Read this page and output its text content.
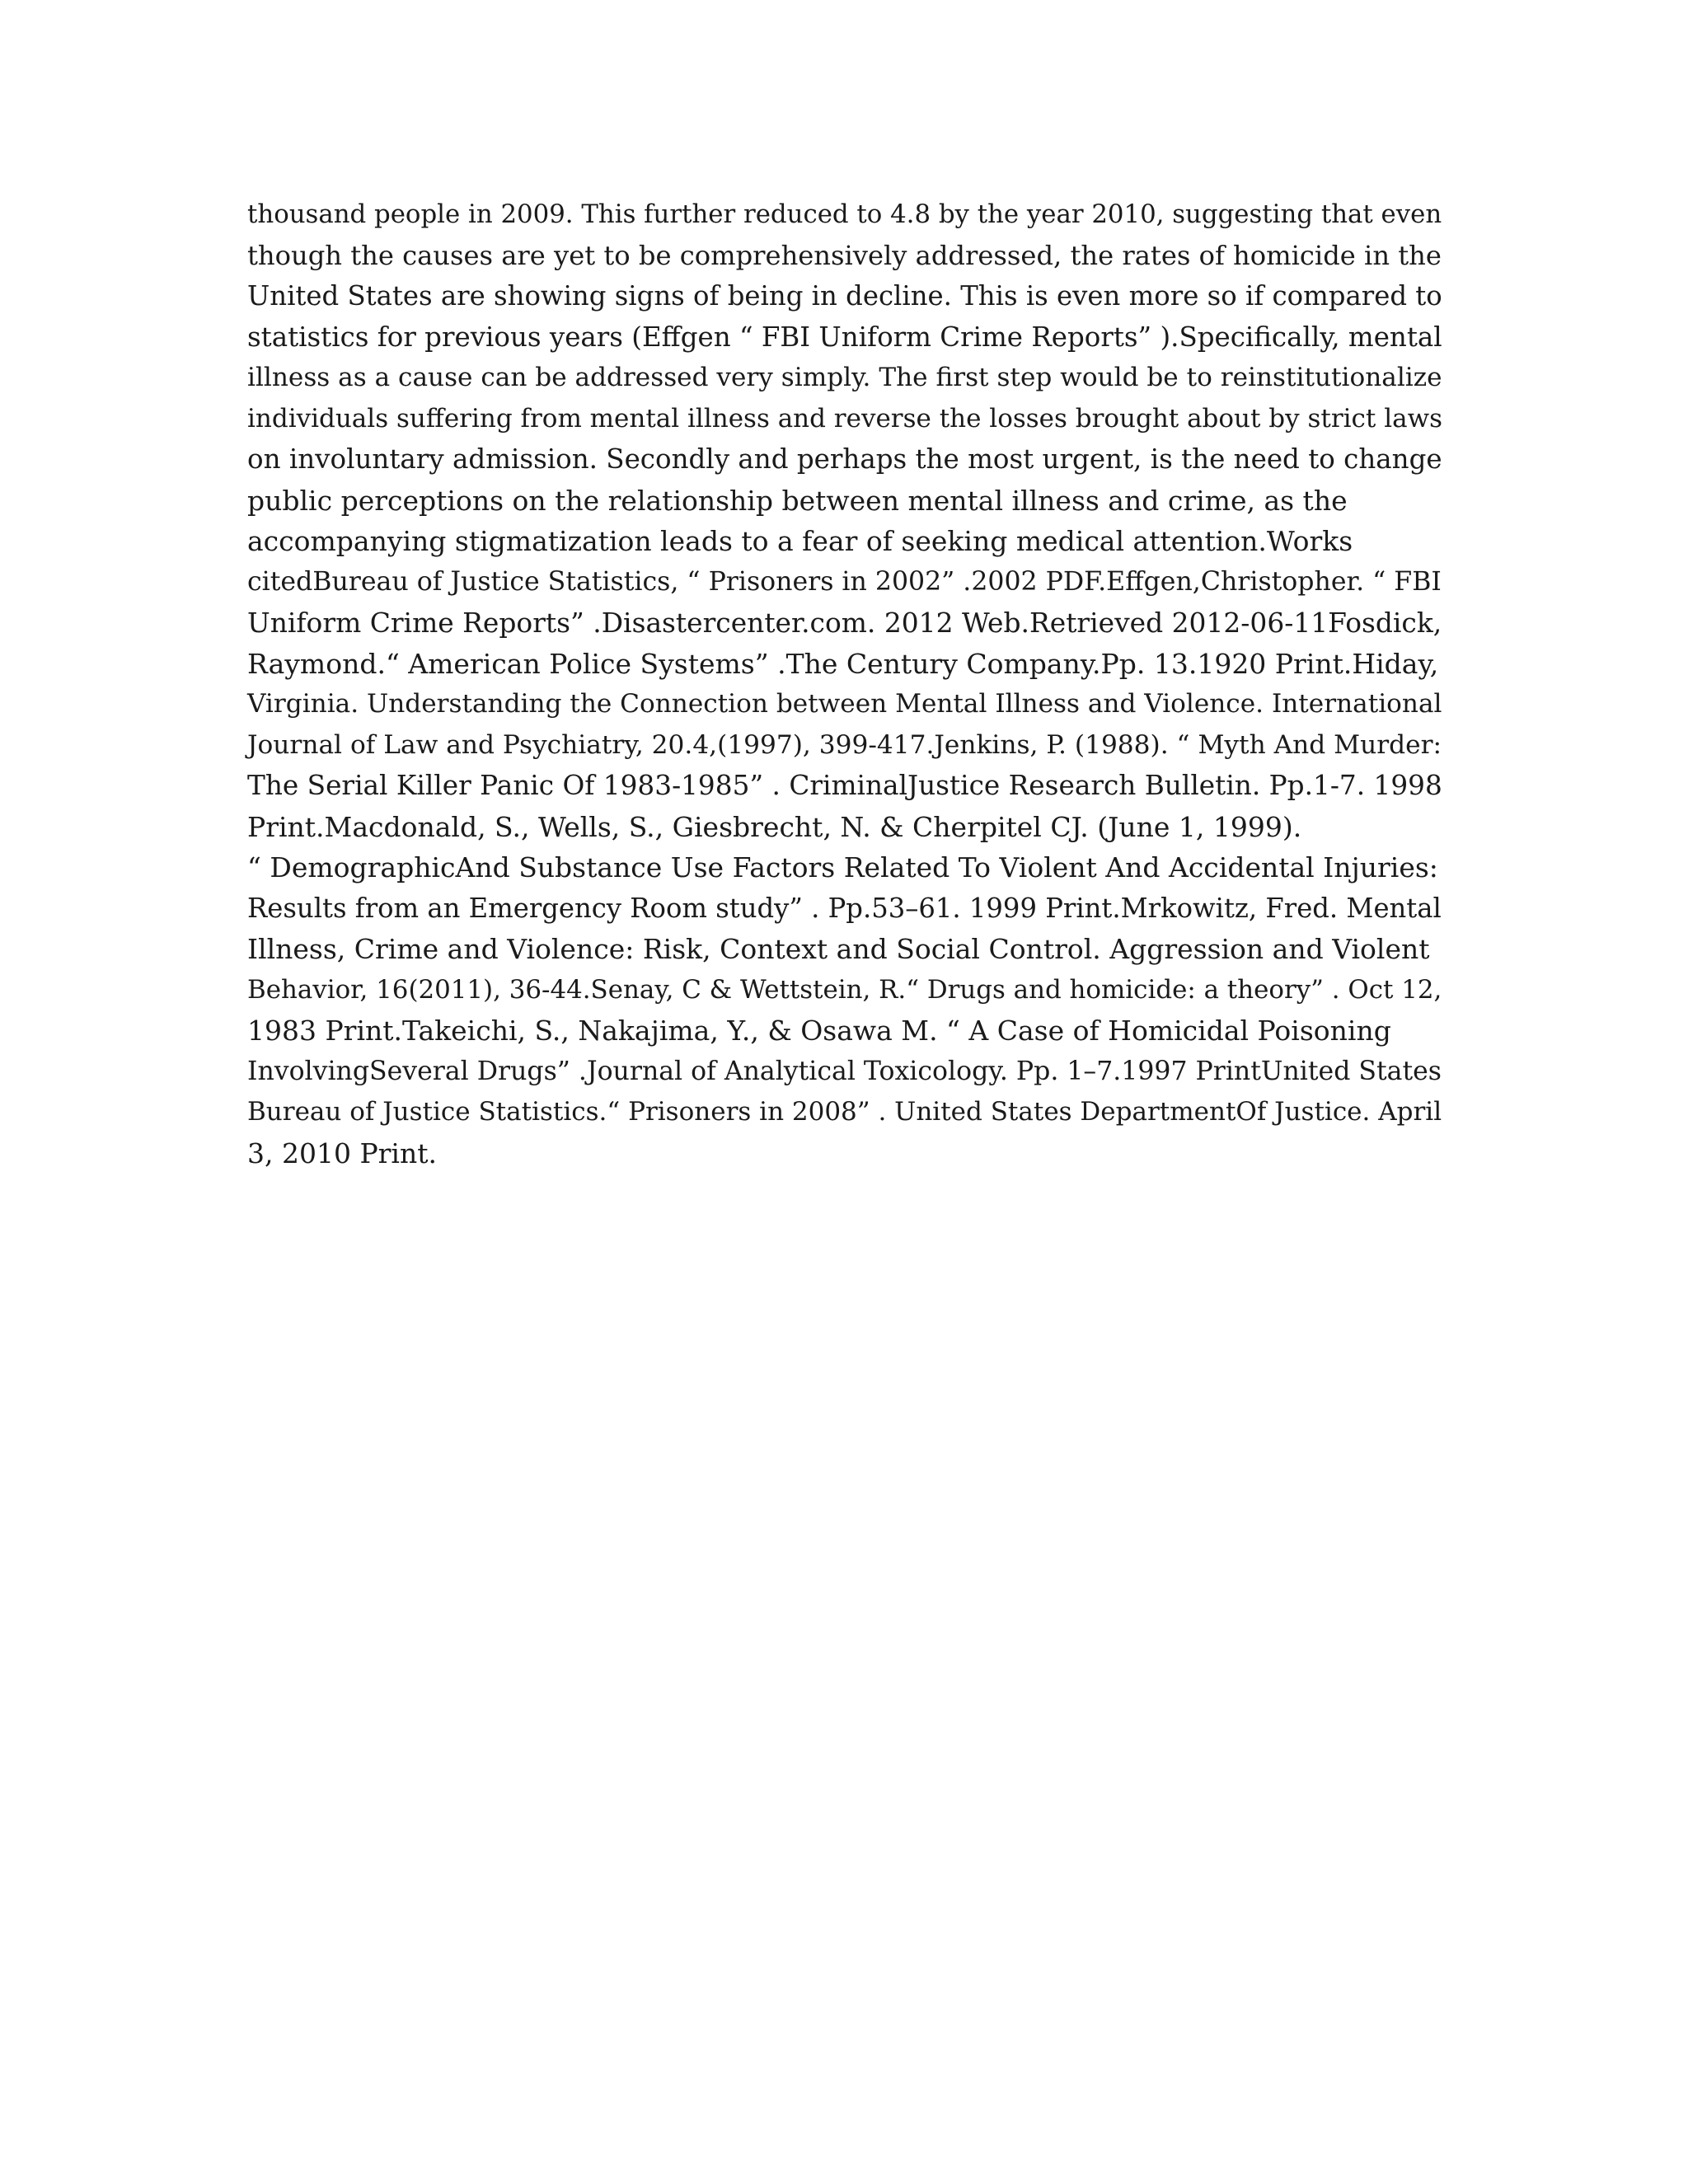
thousand people in 2009. This further reduced to 4.8 by the year 2010, suggesting that even
though the causes are yet to be comprehensively addressed, the rates of homicide in the
United States are showing signs of being in decline. This is even more so if compared to
statistics for previous years (Effgen “ FBI Uniform Crime Reports” ).Specifically, mental
illness as a cause can be addressed very simply. The first step would be to reinstitutionalize
individuals suffering from mental illness and reverse the losses brought about by strict laws
on involuntary admission. Secondly and perhaps the most urgent, is the need to change
public perceptions on the relationship between mental illness and crime, as the
accompanying stigmatization leads to a fear of seeking medical attention.Works
citedBureau of Justice Statistics, “ Prisoners in 2002” .2002 PDF.Effgen,Christopher. “ FBI
Uniform Crime Reports” .Disastercenter.com. 2012 Web.Retrieved 2012-06-11Fosdick,
Raymond.“ American Police Systems” .The Century Company.Pp. 13.1920 Print.Hiday,
Virginia. Understanding the Connection between Mental Illness and Violence. International
Journal of Law and Psychiatry, 20.4,(1997), 399-417.Jenkins, P. (1988). “ Myth And Murder:
The Serial Killer Panic Of 1983-1985” . CriminalJustice Research Bulletin. Pp.1-7. 1998
Print.Macdonald, S., Wells, S., Giesbrecht, N. & Cherpitel CJ. (June 1, 1999).
“ DemographicAnd Substance Use Factors Related To Violent And Accidental Injuries:
Results from an Emergency Room study” . Pp.53–61. 1999 Print.Mrkowitz, Fred. Mental
Illness, Crime and Violence: Risk, Context and Social Control. Aggression and Violent
Behavior, 16(2011), 36-44.Senay, C & Wettstein, R.“ Drugs and homicide: a theory” . Oct 12,
1983 Print.Takeichi, S., Nakajima, Y., & Osawa M. “ A Case of Homicidal Poisoning
InvolvingSeveral Drugs” .Journal of Analytical Toxicology. Pp. 1–7.1997 PrintUnited States
Bureau of Justice Statistics.“ Prisoners in 2008” . United States DepartmentOf Justice. April
3, 2010 Print.
